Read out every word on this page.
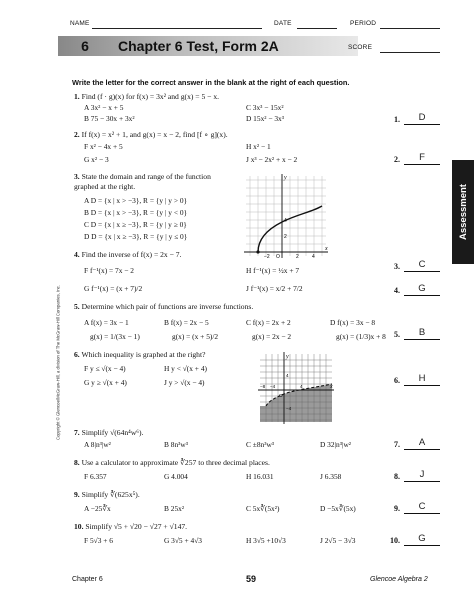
NAME	DATE	PERIOD
6	Chapter 6 Test, Form 2A	SCORE
Write the letter for the correct answer in the blank at the right of each question.
Assessment
Copyright © Glencoe/McGraw-Hill, a division of The McGraw-Hill Companies, Inc.
1. Find (f · g)(x) for f(x) = 3x² and g(x) = 5 − x.
A 3x² − x + 5	C 3x³ − 15x²
B 75 − 30x + 3x²	D 15x² − 3x³	1.	D
2. If f(x) = x² + 1, and g(x) = x − 2, find [f ∘ g](x).
F x² − 4x + 5	H x² − 1
G x² − 3	J x³ − 2x² + x − 2	2.	F
3. State the domain and range of the function graphed at the right.
A D = {x | x > −3}, R = {y | y > 0}
B D = {x | x > −3}, R = {y | y < 0}
C D = {x | x ≥ −3}, R = {y | y ≥ 0}
D D = {x | x ≥ −3}, R = {y | y ≤ 0}
3.	C
x
y
−2 O	2	4
2
4
4. Find the inverse of f(x) = 2x − 7.
F f⁻¹(x) = 7x − 2	H f⁻¹(x) = ½x + 7
G f⁻¹(x) = (x + 7)/2	J f⁻¹(x) = x/2 + 7/2	4.	G
5. Determine which pair of functions are inverse functions.
A f(x) = 3x − 1	B f(x) = 2x − 5	C f(x) = 2x + 2	D f(x) = 3x − 8
g(x) = 1/(3x − 1)	g(x) = (x + 5)/2	g(x) = 2x − 2	g(x) = (1/3)x + 8	5.	B
6. Which inequality is graphed at the right?
F y ≤ √(x − 4)	H y < √(x + 4)
G y ≥ √(x + 4)	J y > √(x − 4)	6.	H
x
y
−8 −4
O
4
4
−4
7. Simplify √(64n⁴w⁶).
A 8|n³|w²	B 8n³w³	C ±8n³w³	D 32|n³|w²	7.	A
8. Use a calculator to approximate ∛257 to three decimal places.
F 6.357	G 4.004	H 16.031	J 6.358	8.	J
9. Simplify ∛(625x⁵).
A −25∛x	B 25x²	C 5x∛(5x²)	D −5x∛(5x)	9.	C
10. Simplify √5 + √20 − √27 + √147.
F 5√3 + 6	G 3√5 + 4√3	H 3√5 +10√3	J 2√5 − 3√3	10.	G
Chapter 6	59	Glencoe Algebra 2
